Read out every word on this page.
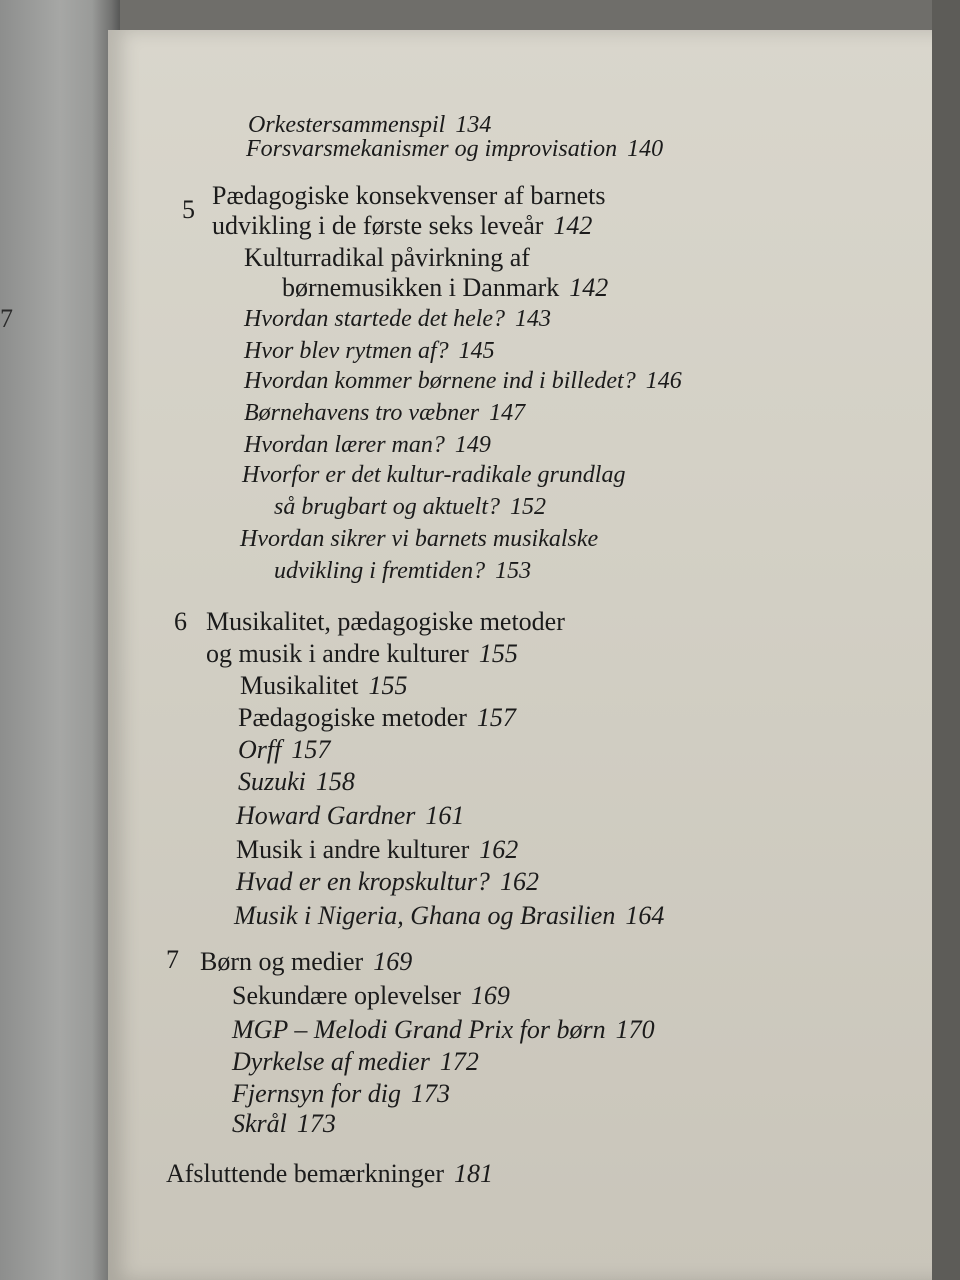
7
5
6
7
Orkestersammenspil 134
Forsvarsmekanismer og improvisation 140
Pædagogiske konsekvenser af barnets
udvikling i de første seks leveår 142
Kulturradikal påvirkning af
børnemusikken i Danmark 142
Hvordan startede det hele? 143
Hvor blev rytmen af? 145
Hvordan kommer børnene ind i billedet? 146
Børnehavens tro væbner 147
Hvordan lærer man? 149
Hvorfor er det kultur-radikale grundlag
så brugbart og aktuelt? 152
Hvordan sikrer vi barnets musikalske
udvikling i fremtiden? 153
Musikalitet, pædagogiske metoder
og musik i andre kulturer 155
Musikalitet 155
Pædagogiske metoder 157
Orff 157
Suzuki 158
Howard Gardner 161
Musik i andre kulturer 162
Hvad er en kropskultur? 162
Musik i Nigeria, Ghana og Brasilien 164
Børn og medier 169
Sekundære oplevelser 169
MGP – Melodi Grand Prix for børn 170
Dyrkelse af medier 172
Fjernsyn for dig 173
Skrål 173
Afsluttende bemærkninger 181
